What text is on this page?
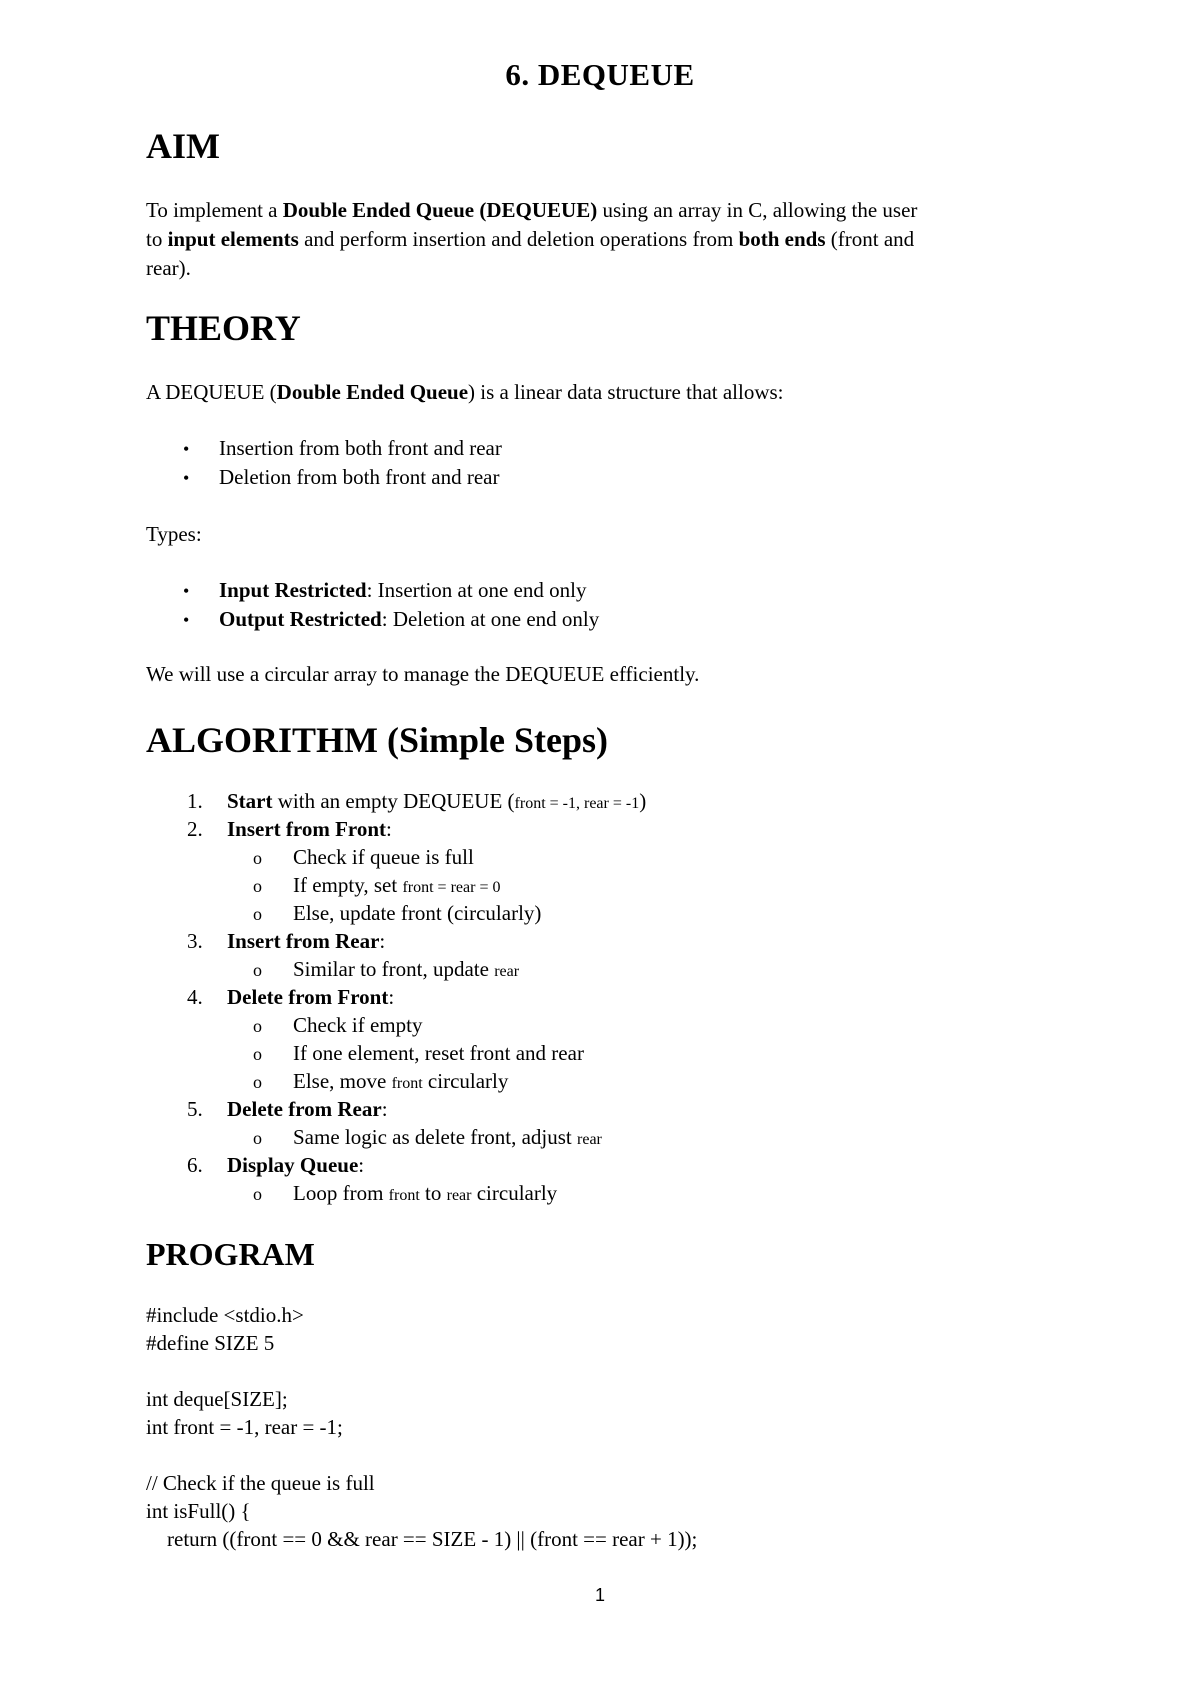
6. DEQUEUE
AIM
To implement a Double Ended Queue (DEQUEUE) using an array in C, allowing the user
to input elements and perform insertion and deletion operations from both ends (front and
rear).
THEORY
A DEQUEUE (Double Ended Queue) is a linear data structure that allows:
• Insertion from both front and rear
• Deletion from both front and rear
Types:
• Input Restricted: Insertion at one end only
• Output Restricted: Deletion at one end only
We will use a circular array to manage the DEQUEUE efficiently.
ALGORITHM (Simple Steps)
1. Start with an empty DEQUEUE (front = -1, rear = -1)
2. Insert from Front:
o Check if queue is full
o If empty, set front = rear = 0
o Else, update front (circularly)
3. Insert from Rear:
o Similar to front, update rear
4. Delete from Front:
o Check if empty
o If one element, reset front and rear
o Else, move front circularly
5. Delete from Rear:
o Same logic as delete front, adjust rear
6. Display Queue:
o Loop from front to rear circularly
PROGRAM
#include <stdio.h>
#define SIZE 5
int deque[SIZE];
int front = -1, rear = -1;
// Check if the queue is full
int isFull() {
return ((front == 0 && rear == SIZE - 1) || (front == rear + 1));
1
